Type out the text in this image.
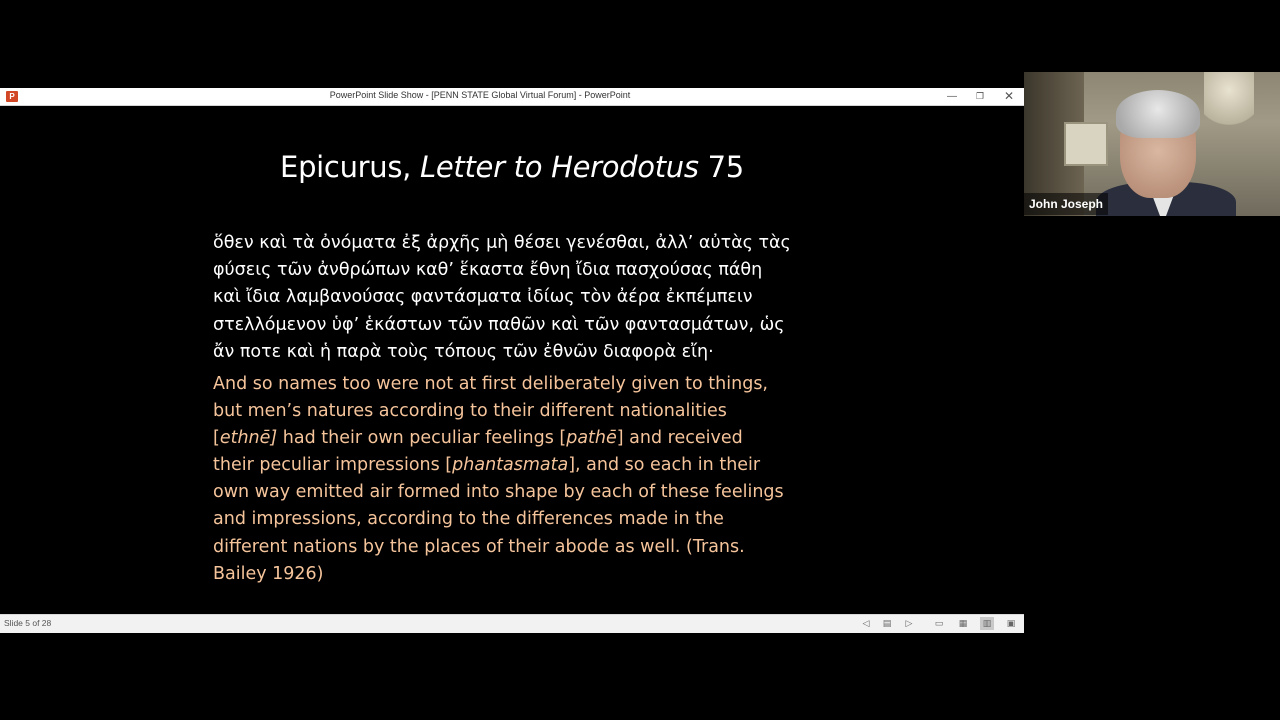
P	PowerPoint Slide Show - [PENN STATE Global Virtual Forum] - PowerPoint	—	❐	✕
Epicurus, Letter to Herodotus 75
ὅθεν καὶ τὰ ὀνόματα ἐξ ἀρχῆς μὴ θέσει γενέσθαι, ἀλλ’ αὐτὰς τὰς
φύσεις τῶν ἀνθρώπων καθ’ ἕκαστα ἔθνη ἴδια πασχούσας πάθη
καὶ ἴδια λαμβανούσας φαντάσματα ἰδίως τὸν ἀέρα ἐκπέμπειν
στελλόμενον ὑφ’ ἑκάστων τῶν παθῶν καὶ τῶν φαντασμάτων, ὡς
ἄν ποτε καὶ ἡ παρὰ τοὺς τόπους τῶν ἐθνῶν διαφορὰ εἴη·
And so names too were not at first deliberately given to things,
but men’s natures according to their different nationalities
[ethnē] had their own peculiar feelings [pathē] and received
their peculiar impressions [phantasmata], and so each in their
own way emitted air formed into shape by each of these feelings
and impressions, according to the differences made in the
different nations by the places of their abode as well. (Trans.
Bailey 1926)
Slide 5 of 28	◁	▤	▷	▭	▦	▥	▣
John Joseph
